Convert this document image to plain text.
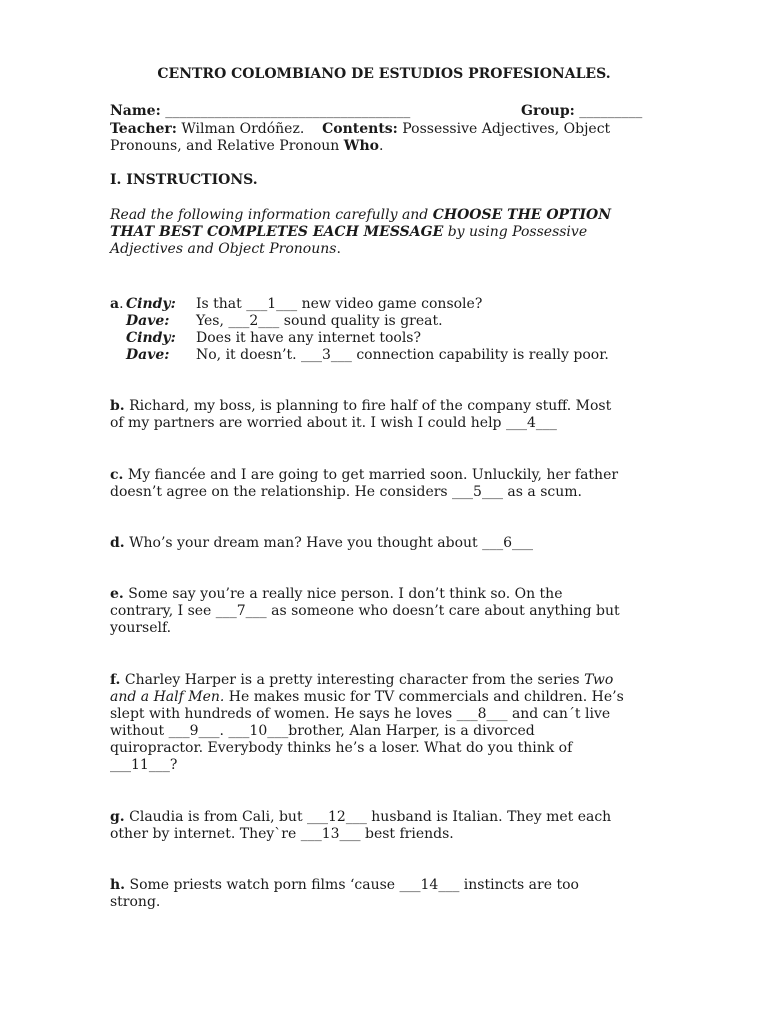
CENTRO COLOMBIANO DE ESTUDIOS PROFESIONALES.
Name: ___________________________________	Group: _________
Teacher: Wilman Ordóñez. Contents: Possessive Adjectives, Object
Pronouns, and Relative Pronoun Who.
I. INSTRUCTIONS.
Read the following information carefully and CHOOSE THE OPTION
THAT BEST COMPLETES EACH MESSAGE by using Possessive
Adjectives and Object Pronouns.
a. Cindy: Is that ___1___ new video game console?
Dave: Yes, ___2___ sound quality is great.
Cindy: Does it have any internet tools?
Dave: No, it doesn’t. ___3___ connection capability is really poor.
b. Richard, my boss, is planning to fire half of the company stuff. Most
of my partners are worried about it. I wish I could help ___4___
c. My fiancée and I are going to get married soon. Unluckily, her father
doesn’t agree on the relationship. He considers ___5___ as a scum.
d. Who’s your dream man? Have you thought about ___6___
e. Some say you’re a really nice person. I don’t think so. On the
contrary, I see ___7___ as someone who doesn’t care about anything but
yourself.
f. Charley Harper is a pretty interesting character from the series Two
and a Half Men. He makes music for TV commercials and children. He’s
slept with hundreds of women. He says he loves ___8___ and can´t live
without ___9___. ___10___brother, Alan Harper, is a divorced
quiropractor. Everybody thinks he’s a loser. What do you think of
___11___?
g. Claudia is from Cali, but ___12___ husband is Italian. They met each
other by internet. They`re ___13___ best friends.
h. Some priests watch porn films ‘cause ___14___ instincts are too
strong.
